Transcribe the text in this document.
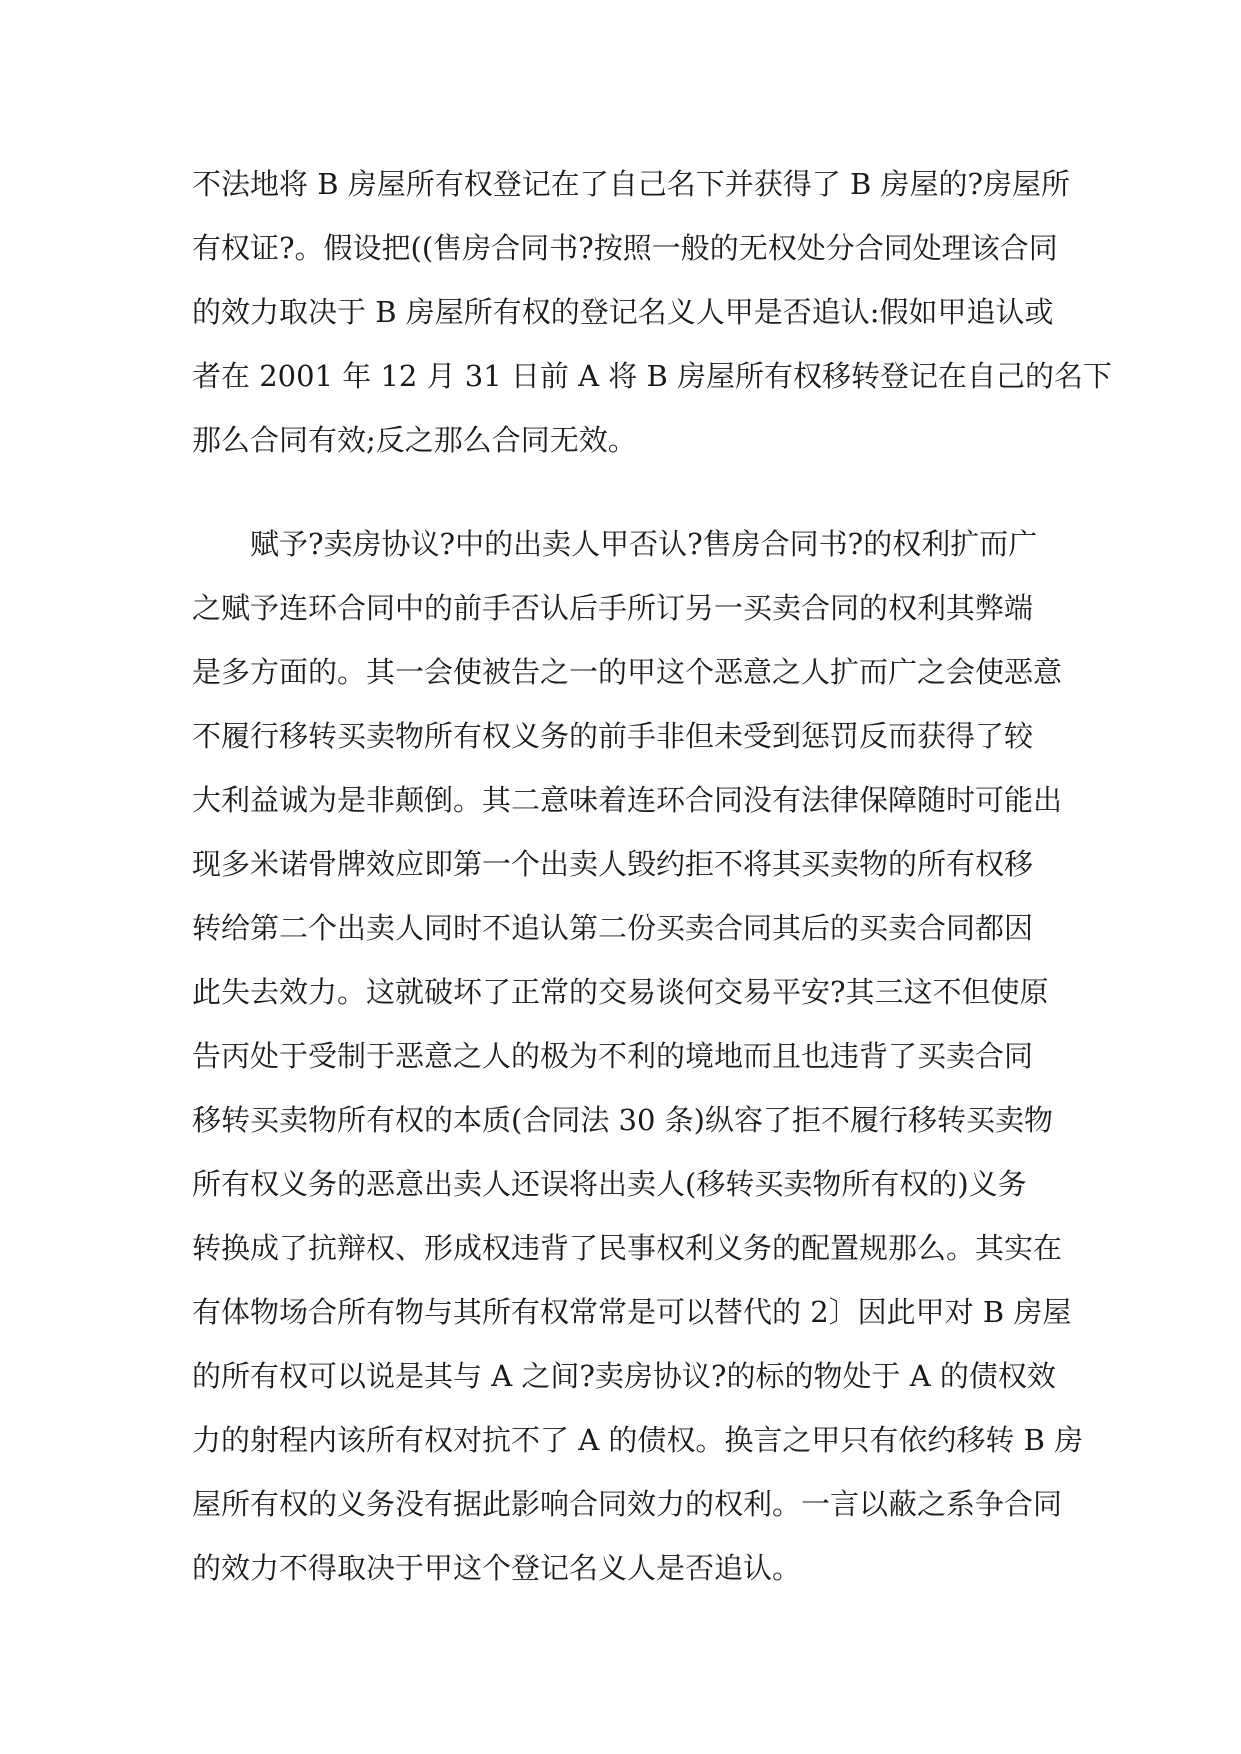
不法地将 B 房屋所有权登记在了自己名下并获得了 B 房屋的?房屋所
有权证?。假设把((售房合同书?按照一般的无权处分合同处理该合同
的效力取决于 B 房屋所有权的登记名义人甲是否追认:假如甲追认或
者在 2001 年 12 月 31 日前 A 将 B 房屋所有权移转登记在自己的名下
那么合同有效;反之那么合同无效。
赋予?卖房协议?中的出卖人甲否认?售房合同书?的权利扩而广
之赋予连环合同中的前手否认后手所订另一买卖合同的权利其弊端
是多方面的。其一会使被告之一的甲这个恶意之人扩而广之会使恶意
不履行移转买卖物所有权义务的前手非但未受到惩罚反而获得了较
大利益诚为是非颠倒。其二意味着连环合同没有法律保障随时可能出
现多米诺骨牌效应即第一个出卖人毁约拒不将其买卖物的所有权移
转给第二个出卖人同时不追认第二份买卖合同其后的买卖合同都因
此失去效力。这就破坏了正常的交易谈何交易平安?其三这不但使原
告丙处于受制于恶意之人的极为不利的境地而且也违背了买卖合同
移转买卖物所有权的本质(合同法 30 条)纵容了拒不履行移转买卖物
所有权义务的恶意出卖人还误将出卖人(移转买卖物所有权的)义务
转换成了抗辩权、形成权违背了民事权利义务的配置规那么。其实在
有体物场合所有物与其所有权常常是可以替代的 2〕因此甲对 B 房屋
的所有权可以说是其与 A 之间?卖房协议?的标的物处于 A 的债权效
力的射程内该所有权对抗不了 A 的债权。换言之甲只有依约移转 B 房
屋所有权的义务没有据此影响合同效力的权利。一言以蔽之系争合同
的效力不得取决于甲这个登记名义人是否追认。
